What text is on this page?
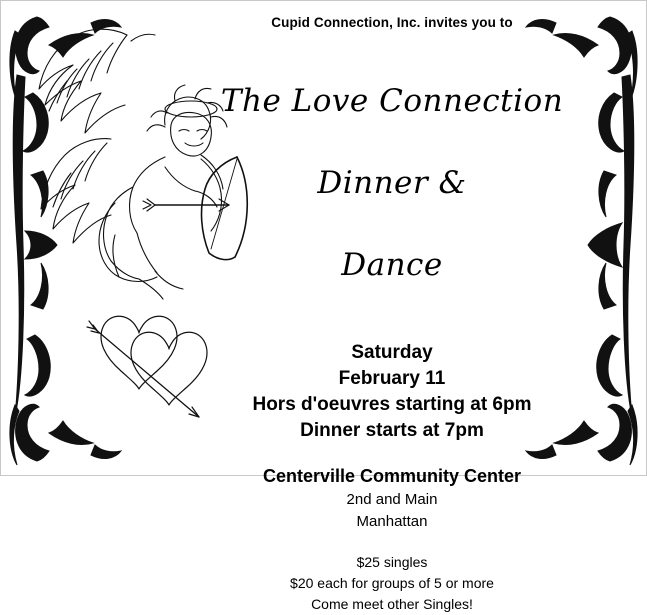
Cupid Connection, Inc. invites you to

The Love Connection

Dinner &

Dance

Saturday
February 11
Hors d'oeuvres starting at 6pm
Dinner starts at 7pm
Centerville Community Center
2nd and Main
Manhattan
$25 singles
$20 each for groups of 5 or more
Come meet other Singles!
